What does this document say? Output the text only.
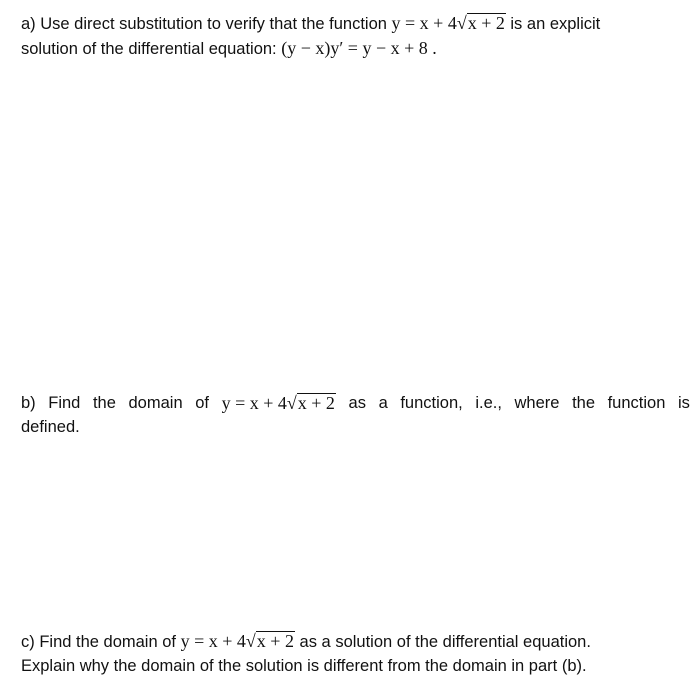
a) Use direct substitution to verify that the function y = x + 4√x + 2 is an explicit
solution of the differential equation: (y − x)y′ = y − x + 8 .
b) Find the domain of y = x + 4√x + 2 as a function, i.e., where the function is
defined.
c) Find the domain of y = x + 4√x + 2 as a solution of the differential equation.
Explain why the domain of the solution is different from the domain in part (b).
